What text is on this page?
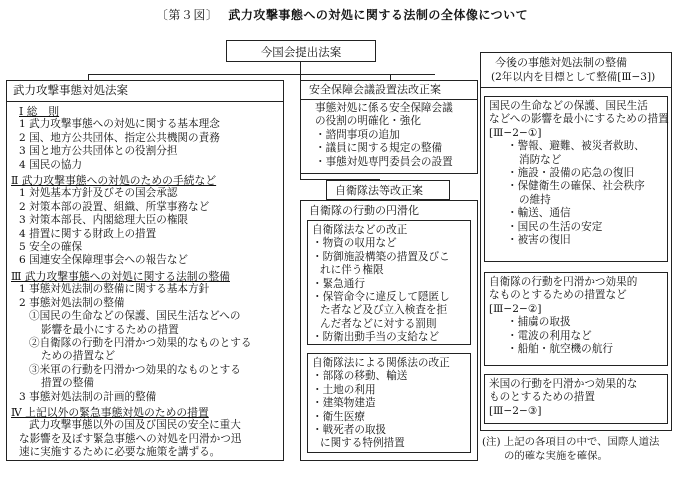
〔第３図〕 武力攻撃事態への対処に関する法制の全体像について
今国会提出法案
武力攻撃事態対処法案
Ⅰ 総　則
1 武力攻撃事態への対処に関する基本理念
2 国、地方公共団体、指定公共機関の責務
3 国と地方公共団体との役割分担
4 国民の協力
Ⅱ 武力攻撃事態への対処のための手続など
1 対処基本方針及びその国会承認
2 対策本部の設置、組織、所掌事務など
3 対策本部長、内閣総理大臣の権限
4 措置に関する財政上の措置
5 安全の確保
6 国連安全保障理事会への報告など
Ⅲ 武力攻撃事態への対処に関する法制の整備
1 事態対処法制の整備に関する基本方針
2 事態対処法制の整備
①国民の生命などの保護、国民生活などへの
影響を最小にするための措置
②自衛隊の行動を円滑かつ効果的なものとする
ための措置など
③米軍の行動を円滑かつ効果的なものとする
措置の整備
3 事態対処法制の計画的整備
Ⅳ 上記以外の緊急事態対処のための措置
武力攻撃事態以外の国及び国民の安全に重大
な影響を及ぼす緊急事態への対処を円滑かつ迅
速に実施するために必要な施策を講ずる。
安全保障会議設置法改正案
事態対処に係る安全保障会議
の役割の明確化・強化
・諮問事項の追加
・議員に関する規定の整備
・事態対処専門委員会の設置
自衛隊法等改正案
自衛隊の行動の円滑化
自衛隊法などの改正
・物資の収用など
・防御施設構築の措置及びこ
れに伴う権限
・緊急通行
・保管命令に違反して隠匿し
た者など及び立入検査を拒
んだ者などに対する罰則
・防衛出動手当の支給など
自衛隊法による関係法の改正
・部隊の移動、輸送
・土地の利用
・建築物建造
・衛生医療
・戦死者の取扱
に関する特例措置
今後の事態対処法制の整備
(2年以内を目標として整備[Ⅲ−3])
国民の生命などの保護、国民生活
などへの影響を最小にするための措置
[Ⅲ−2−①]
・警報、避難、被災者救助、
消防など
・施設・設備の応急の復旧
・保健衛生の確保、社会秩序
の維持
・輸送、通信
・国民の生活の安定
・被害の復旧
自衛隊の行動を円滑かつ効果的
なものとするための措置など
[Ⅲ−2−②]
・捕虜の取扱
・電波の利用など
・船舶・航空機の航行
米国の行動を円滑かつ効果的な
ものとするための措置
[Ⅲ−2−③]
(注) 上記の各項目の中で、国際人道法
の的確な実施を確保。
